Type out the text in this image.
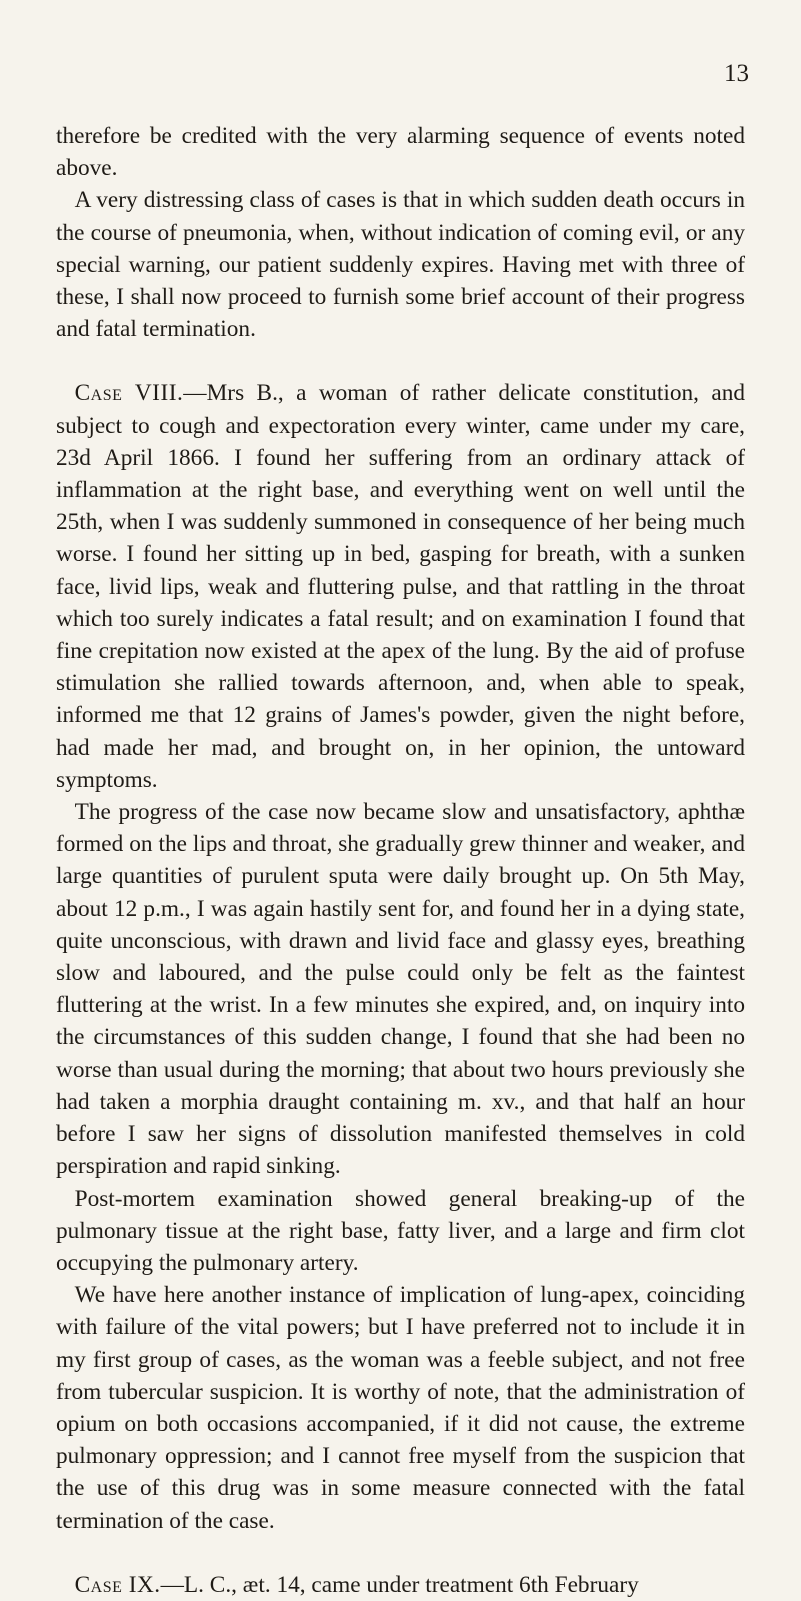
13

therefore be credited with the very alarming sequence of events noted above.

A very distressing class of cases is that in which sudden death occurs in the course of pneumonia, when, without indication of coming evil, or any special warning, our patient suddenly expires. Having met with three of these, I shall now proceed to furnish some brief account of their progress and fatal termination.

Case VIII.—Mrs B., a woman of rather delicate constitution, and subject to cough and expectoration every winter, came under my care, 23d April 1866. I found her suffering from an ordinary attack of inflammation at the right base, and everything went on well until the 25th, when I was suddenly summoned in consequence of her being much worse. I found her sitting up in bed, gasping for breath, with a sunken face, livid lips, weak and fluttering pulse, and that rattling in the throat which too surely indicates a fatal result; and on examination I found that fine crepitation now existed at the apex of the lung. By the aid of profuse stimulation she rallied towards afternoon, and, when able to speak, informed me that 12 grains of James's powder, given the night before, had made her mad, and brought on, in her opinion, the untoward symptoms.

The progress of the case now became slow and unsatisfactory, aphthæ formed on the lips and throat, she gradually grew thinner and weaker, and large quantities of purulent sputa were daily brought up. On 5th May, about 12 p.m., I was again hastily sent for, and found her in a dying state, quite unconscious, with drawn and livid face and glassy eyes, breathing slow and laboured, and the pulse could only be felt as the faintest fluttering at the wrist. In a few minutes she expired, and, on inquiry into the circumstances of this sudden change, I found that she had been no worse than usual during the morning; that about two hours previously she had taken a morphia draught containing m. xv., and that half an hour before I saw her signs of dissolution manifested themselves in cold perspiration and rapid sinking.

Post-mortem examination showed general breaking-up of the pulmonary tissue at the right base, fatty liver, and a large and firm clot occupying the pulmonary artery.

We have here another instance of implication of lung-apex, coinciding with failure of the vital powers; but I have preferred not to include it in my first group of cases, as the woman was a feeble subject, and not free from tubercular suspicion. It is worthy of note, that the administration of opium on both occasions accompanied, if it did not cause, the extreme pulmonary oppression; and I cannot free myself from the suspicion that the use of this drug was in some measure connected with the fatal termination of the case.

Case IX.—L. C., æt. 14, came under treatment 6th February
